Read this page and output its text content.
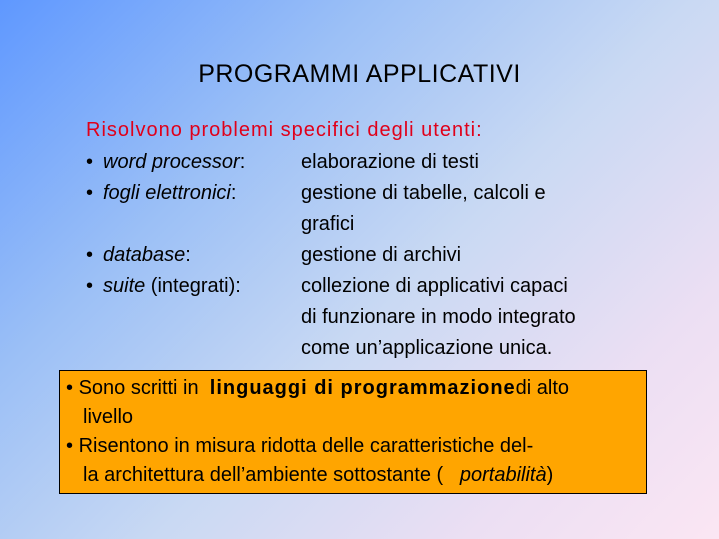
PROGRAMMI APPLICATIVI
Risolvono problemi specifici degli utenti:
• word processor:	elaborazione di testi
• fogli elettronici:	gestione di tabelle, calcoli e
grafici
• database:	gestione di archivi
• suite (integrati):	collezione di applicativi capaci
di funzionare in modo integrato
come un’applicazione unica.
• Sono scritti in linguaggi di programmazionedi alto
livello
• Risentono in misura ridotta delle caratteristiche del-
la architettura dell’ambiente sottostante ( portabilità)
